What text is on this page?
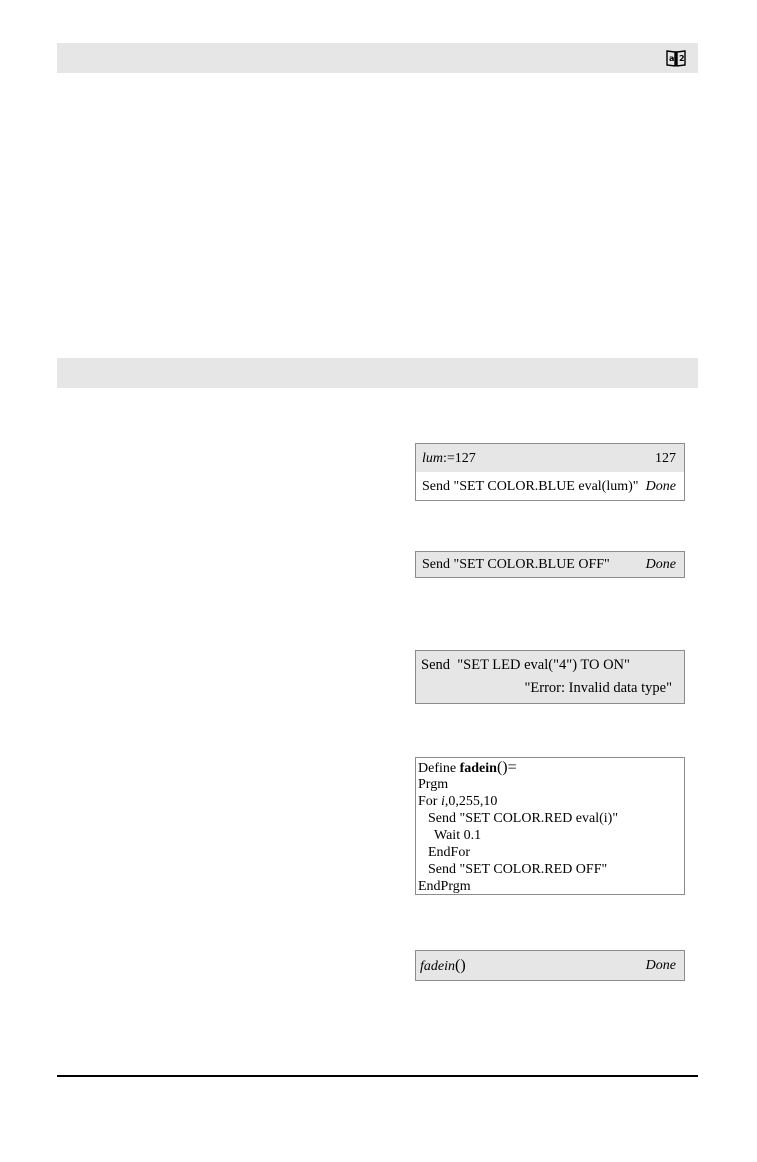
a 2
lum:=127	127
Send "SET COLOR.BLUE eval(lum)" Done
Send "SET COLOR.BLUE OFF"	Done
Send  "SET LED eval("4") TO ON"
"Error: Invalid data type"
Define fadein()=
Prgm
For i,0,255,10
Send "SET COLOR.RED eval(i)"
Wait 0.1
EndFor
Send "SET COLOR.RED OFF"
EndPrgm
fadein()	Done
